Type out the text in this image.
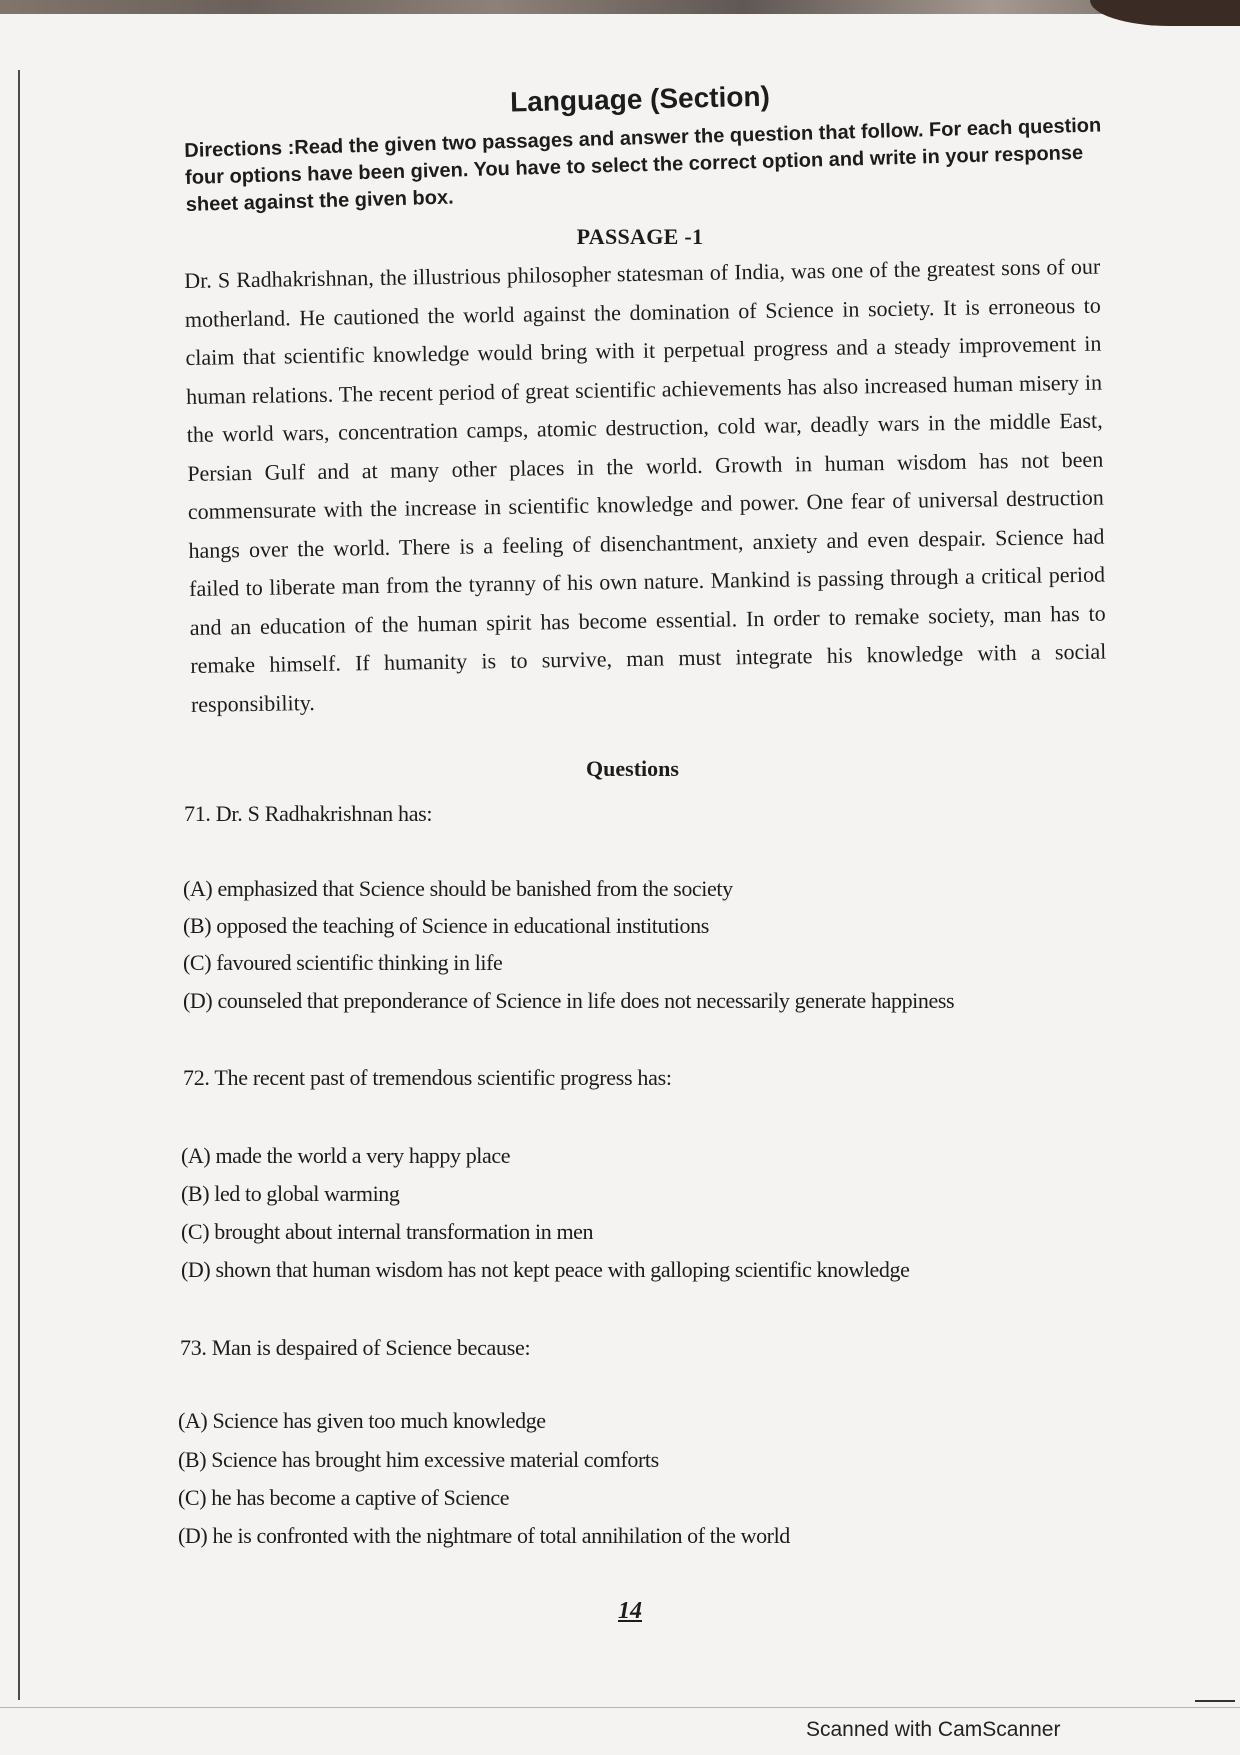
Language (Section)
Directions :Read the given two passages and answer the question that follow. For each question four options have been given. You have to select the correct option and write in your response sheet against the given box.
PASSAGE -1
Dr. S Radhakrishnan, the illustrious philosopher statesman of India, was one of the greatest sons of our motherland. He cautioned the world against the domination of Science in society. It is erroneous to claim that scientific knowledge would bring with it perpetual progress and a steady improvement in human relations. The recent period of great scientific achievements has also increased human misery in the world wars, concentration camps, atomic destruction, cold war, deadly wars in the middle East, Persian Gulf and at many other places in the world. Growth in human wisdom has not been commensurate with the increase in scientific knowledge and power. One fear of universal destruction hangs over the world. There is a feeling of disenchantment, anxiety and even despair. Science had failed to liberate man from the tyranny of his own nature. Mankind is passing through a critical period and an education of the human spirit has become essential. In order to remake society, man has to remake himself. If humanity is to survive, man must integrate his knowledge with a social responsibility.
Questions
71. Dr. S Radhakrishnan has:
(A) emphasized that Science should be banished from the society
(B) opposed the teaching of Science in educational institutions
(C) favoured scientific thinking in life
(D) counseled that preponderance of Science in life does not necessarily generate happiness
72. The recent past of tremendous scientific progress has:
(A) made the world a very happy place
(B) led to global warming
(C) brought about internal transformation in men
(D) shown that human wisdom has not kept peace with galloping scientific knowledge
73. Man is despaired of Science because:
(A) Science has given too much knowledge
(B) Science has brought him excessive material comforts
(C) he has become a captive of Science
(D) he is confronted with the nightmare of total annihilation of the world
14
Scanned with CamScanner
